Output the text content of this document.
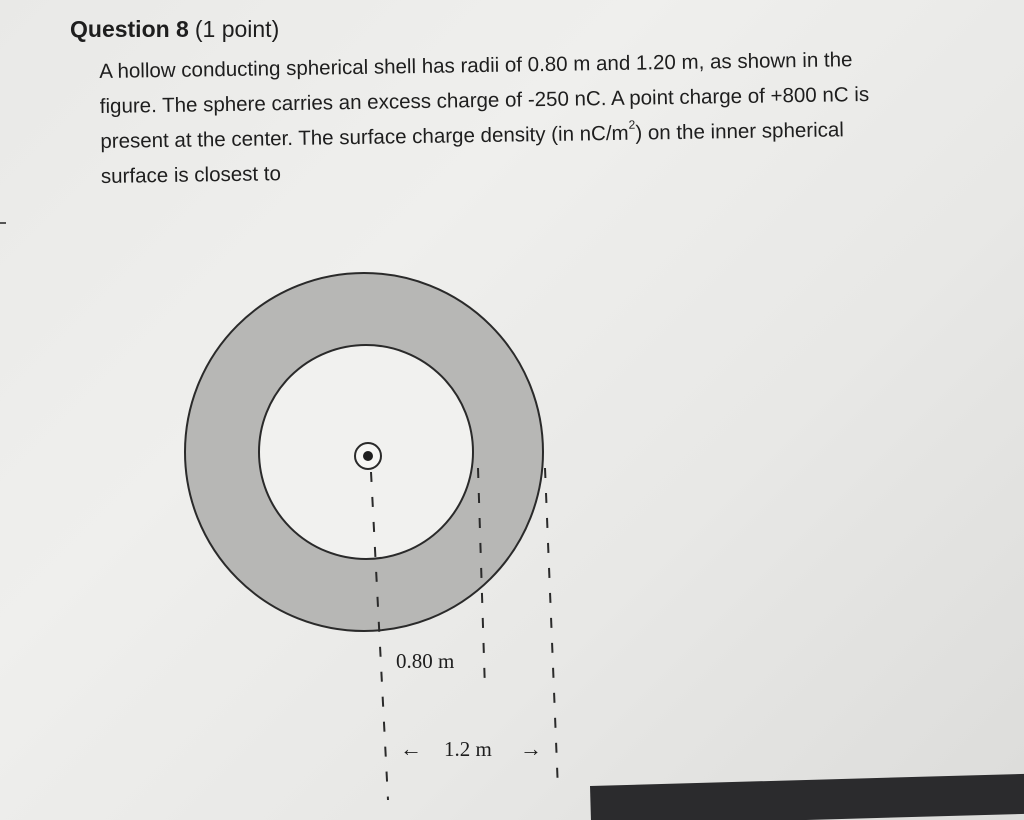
Question 8 (1 point)
A hollow conducting spherical shell has radii of 0.80 m and 1.20 m, as shown in the
figure. The sphere carries an excess charge of -250 nC. A point charge of +800 nC is
present at the center. The surface charge density (in $nC/m^2$) on the inner spherical
surface is closest to
0.80 m
← 1.2 m →
